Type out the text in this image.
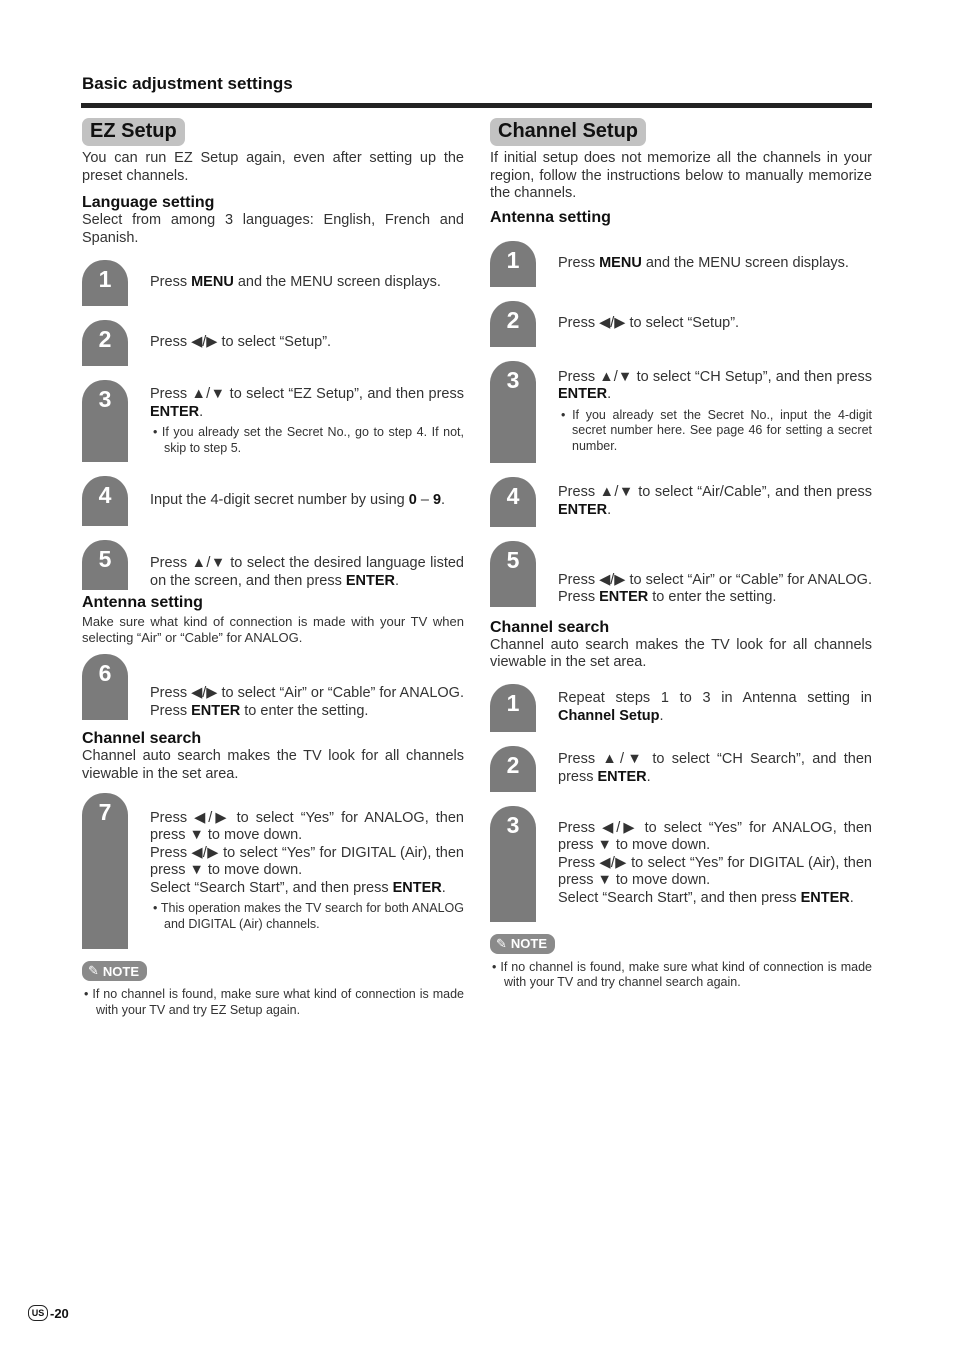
Basic adjustment settings
EZ Setup

You can run EZ Setup again, even after setting up the preset channels.

Language setting

Select from among 3 languages: English, French and Spanish.

1	Press MENU and the MENU screen displays.
2	Press ◀/▶ to select “Setup”.
3	Press ▲/▼ to select “EZ Setup”, and then press ENTER.
• If you already set the Secret No., go to step 4. If not, skip to step 5.
4	Input the 4-digit secret number by using 0 – 9.
5	Press ▲/▼ to select the desired language listed on the screen, and then press ENTER.
Antenna setting

Make sure what kind of connection is made with your TV when selecting “Air” or “Cable” for ANALOG.

6
Press ◀/▶ to select “Air” or “Cable” for ANALOG.
Press ENTER to enter the setting.
Channel search

Channel auto search makes the TV look for all channels viewable in the set area.

7	Press ◀/▶ to select “Yes” for ANALOG, then press ▼ to move down.
Press ◀/▶ to select “Yes” for DIGITAL (Air), then press ▼ to move down.
Select “Search Start”, and then press ENTER.
• This operation makes the TV search for both ANALOG and DIGITAL (Air) channels.
✎ NOTE
• If no channel is found, make sure what kind of connection is made with your TV and try EZ Setup again.
Channel Setup

If initial setup does not memorize all the channels in your region, follow the instructions below to manually memorize the channels.

Antenna setting
1	Press MENU and the MENU screen displays.
2	Press ◀/▶ to select “Setup”.
3	Press ▲/▼ to select “CH Setup”, and then press ENTER.
• If you already set the Secret No., input the 4-digit secret number here. See page 46 for setting a secret number.
4	Press ▲/▼ to select “Air/Cable”, and then press ENTER.
5
Press ◀/▶ to select “Air” or “Cable” for ANALOG.
Press ENTER to enter the setting.
Channel search

Channel auto search makes the TV look for all channels viewable in the set area.

1	Repeat steps 1 to 3 in Antenna setting in Channel Setup.
2	Press ▲/▼ to select “CH Search”, and then press ENTER.
3	Press ◀/▶ to select “Yes” for ANALOG, then press ▼ to move down.
Press ◀/▶ to select “Yes” for DIGITAL (Air), then press ▼ to move down.
Select “Search Start”, and then press ENTER.
✎ NOTE
• If no channel is found, make sure what kind of connection is made with your TV and try channel search again.
US -20
